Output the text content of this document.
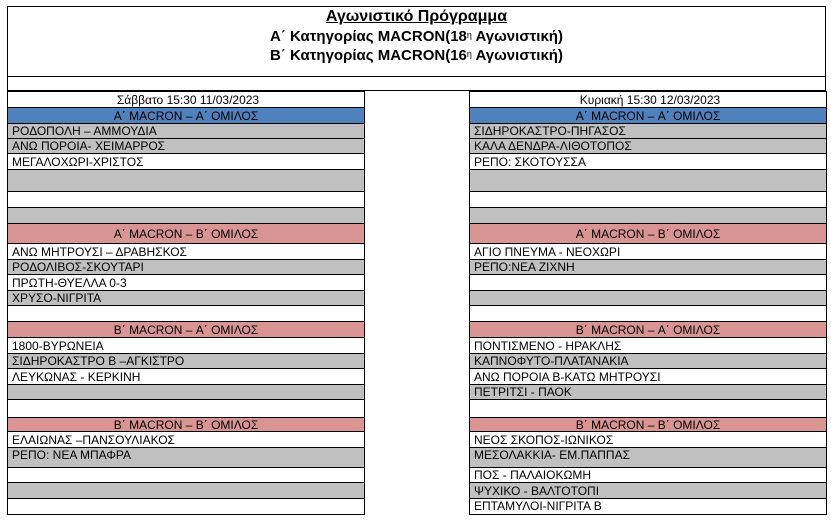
Αγωνιστικό Πρόγραμμα
Α΄ Κατηγορίας $MACRON(18^\eta$ Αγωνιστική)
Β΄ Κατηγορίας $MACRON(16^\eta$ Αγωνιστική)
Σάββατο 15:30 11/03/2023
Α΄ MACRON – Α΄ ΟΜΙΛΟΣ
ΡΟΔΟΠΟΛΗ – ΑΜΜΟΥΔΙΑ
ΑΝΩ ΠΟΡΟΙΑ- ΧΕΙΜΑΡΡΟΣ
ΜΕΓΑΛΟΧΩΡΙ-ΧΡΙΣΤΟΣ
Α΄ MACRON – Β΄ ΟΜΙΛΟΣ
ΑΝΩ ΜΗΤΡΟΥΣΙ – ΔΡΑΒΗΣΚΟΣ
ΡΟΔΟΛΙΒΟΣ-ΣΚΟΥΤΑΡΙ
ΠΡΩΤΗ-ΘΥΕΛΛΑ 0-3
ΧΡΥΣΟ-ΝΙΓΡΙΤΑ
Β΄ MACRON – Α΄ ΟΜΙΛΟΣ
1800-ΒΥΡΩΝΕΙΑ
ΣΙΔΗΡΟΚΑΣΤΡΟ Β –ΑΓΚΙΣΤΡΟ
ΛΕΥΚΩΝΑΣ - ΚΕΡΚΙΝΗ
Β΄ MACRON – Β΄ ΟΜΙΛΟΣ
ΕΛΑΙΩΝΑΣ –ΠΑΝΣΟΥΛΙΑΚΟΣ
ΡΕΠΟ: ΝΕΑ ΜΠΑΦΡΑ
Κυριακή 15:30 12/03/2023
Α΄ MACRON – Α΄ ΟΜΙΛΟΣ
ΣΙΔΗΡΟΚΑΣΤΡΟ-ΠΗΓΑΣΟΣ
ΚΑΛΑ ΔΕΝΔΡΑ-ΛΙΘΟΤΟΠΟΣ
ΡΕΠΟ: ΣΚΟΤΟΥΣΣΑ
Α΄ MACRON – Β΄ ΟΜΙΛΟΣ
ΑΓΙΟ ΠΝΕΥΜΑ - ΝΕΟΧΩΡΙ
ΡΕΠΟ:ΝΕΑ ΖΙΧΝΗ
Β΄ MACRON – Α΄ ΟΜΙΛΟΣ
ΠΟΝΤΙΣΜΕΝΟ - ΗΡΑΚΛΗΣ
ΚΑΠΝΟΦΥΤΟ-ΠΛΑΤΑΝΑΚΙΑ
ΑΝΩ ΠΟΡΟΙΑ Β-ΚΑΤΩ ΜΗΤΡΟΥΣΙ
ΠΕΤΡΙΤΣΙ - ΠΑΟΚ
Β΄ MACRON – Β΄ ΟΜΙΛΟΣ
ΝΕΟΣ ΣΚΟΠΟΣ-ΙΩΝΙΚΟΣ
ΜΕΣΟΛΑΚΚΙΑ- ΕΜ.ΠΑΠΠΑΣ
ΠΟΣ - ΠΑΛΑΙΟΚΩΜΗ
ΨΥΧΙΚΟ - ΒΑΛΤΟΤΟΠΙ
ΕΠΤΑΜΥΛΟΙ-ΝΙΓΡΙΤΑ Β
